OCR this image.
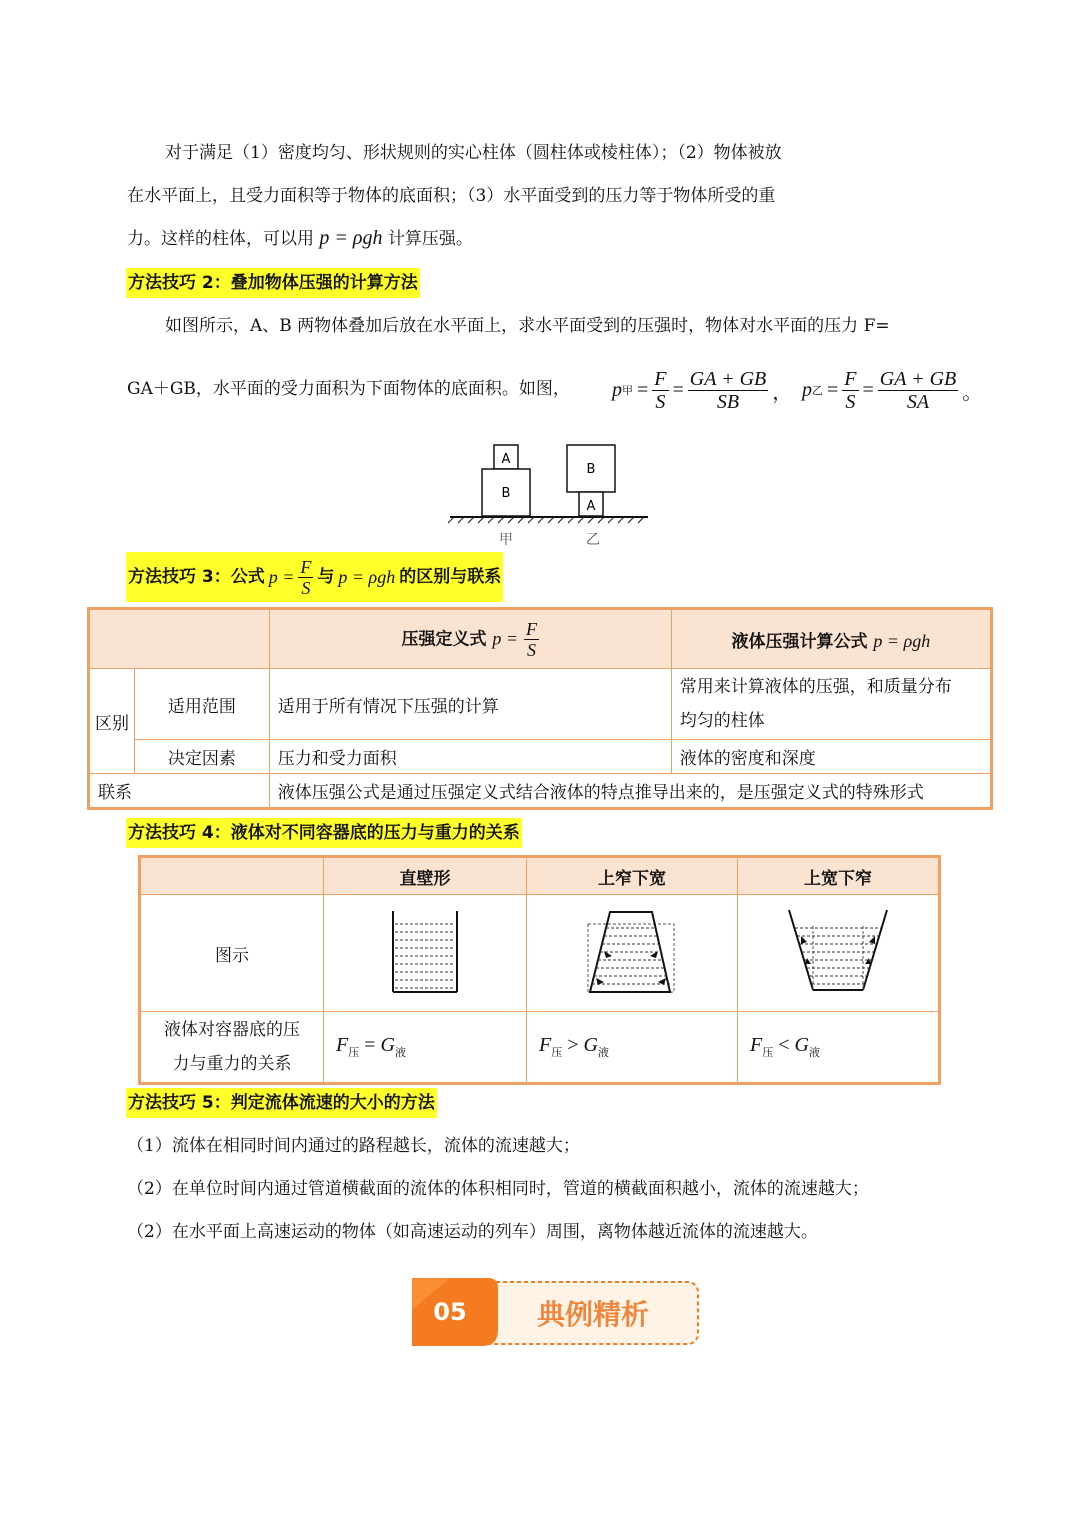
对于满足（1）密度均匀、形状规则的实心柱体（圆柱体或棱柱体）；（2）物体被放
在水平面上，且受力面积等于物体的底面积；（3）水平面受到的压力等于物体所受的重
力。这样的柱体，可以用 p = ρgh 计算压强。
方法技巧 2：叠加物体压强的计算方法
如图所示，A、B 两物体叠加后放在水平面上，求水平面受到的压强时，物体对水平面的压力 F=
GA＋GB，水平面的受力面积为下面物体的底面积。如图， p 甲 = $\frac{F}{S} = \frac{GA + GB}{SB}$ ， p 乙 = $\frac{F}{S} = \frac{GA + GB}{SA}$ 。
A
B
B
A
甲	乙
方法技巧 3：公式 $p = \frac{F}{S}$ 与 p = ρgh 的区别与联系
		压强定义式 $p = \frac{F}{S}$	液体压强计算公式 p = ρgh
区别	适用范围	适用于所有情况下压强的计算	常用来计算液体的压强，和质量分布
均匀的柱体

	决定因素	压力和受力面积	液体的密度和深度
联系		液体压强公式是通过压强定义式结合液体的特点推导出来的，是压强定义式的特殊形式	
方法技巧 4：液体对不同容器底的压力与重力的关系
	直壁形	上窄下宽	上宽下窄
图示			

液体对容器底的压
力与重力的关系	$F_压 = G_液$	$F_压 > G_液$	$F_压 < G_液$
方法技巧 5：判定流体流速的大小的方法
（1）流体在相同时间内通过的路程越长，流体的流速越大；
（2）在单位时间内通过管道横截面的流体的体积相同时，管道的横截面积越小，流体的流速越大；
（2）在水平面上高速运动的物体（如高速运动的列车）周围，离物体越近流体的流速越大。
05	典例精析
